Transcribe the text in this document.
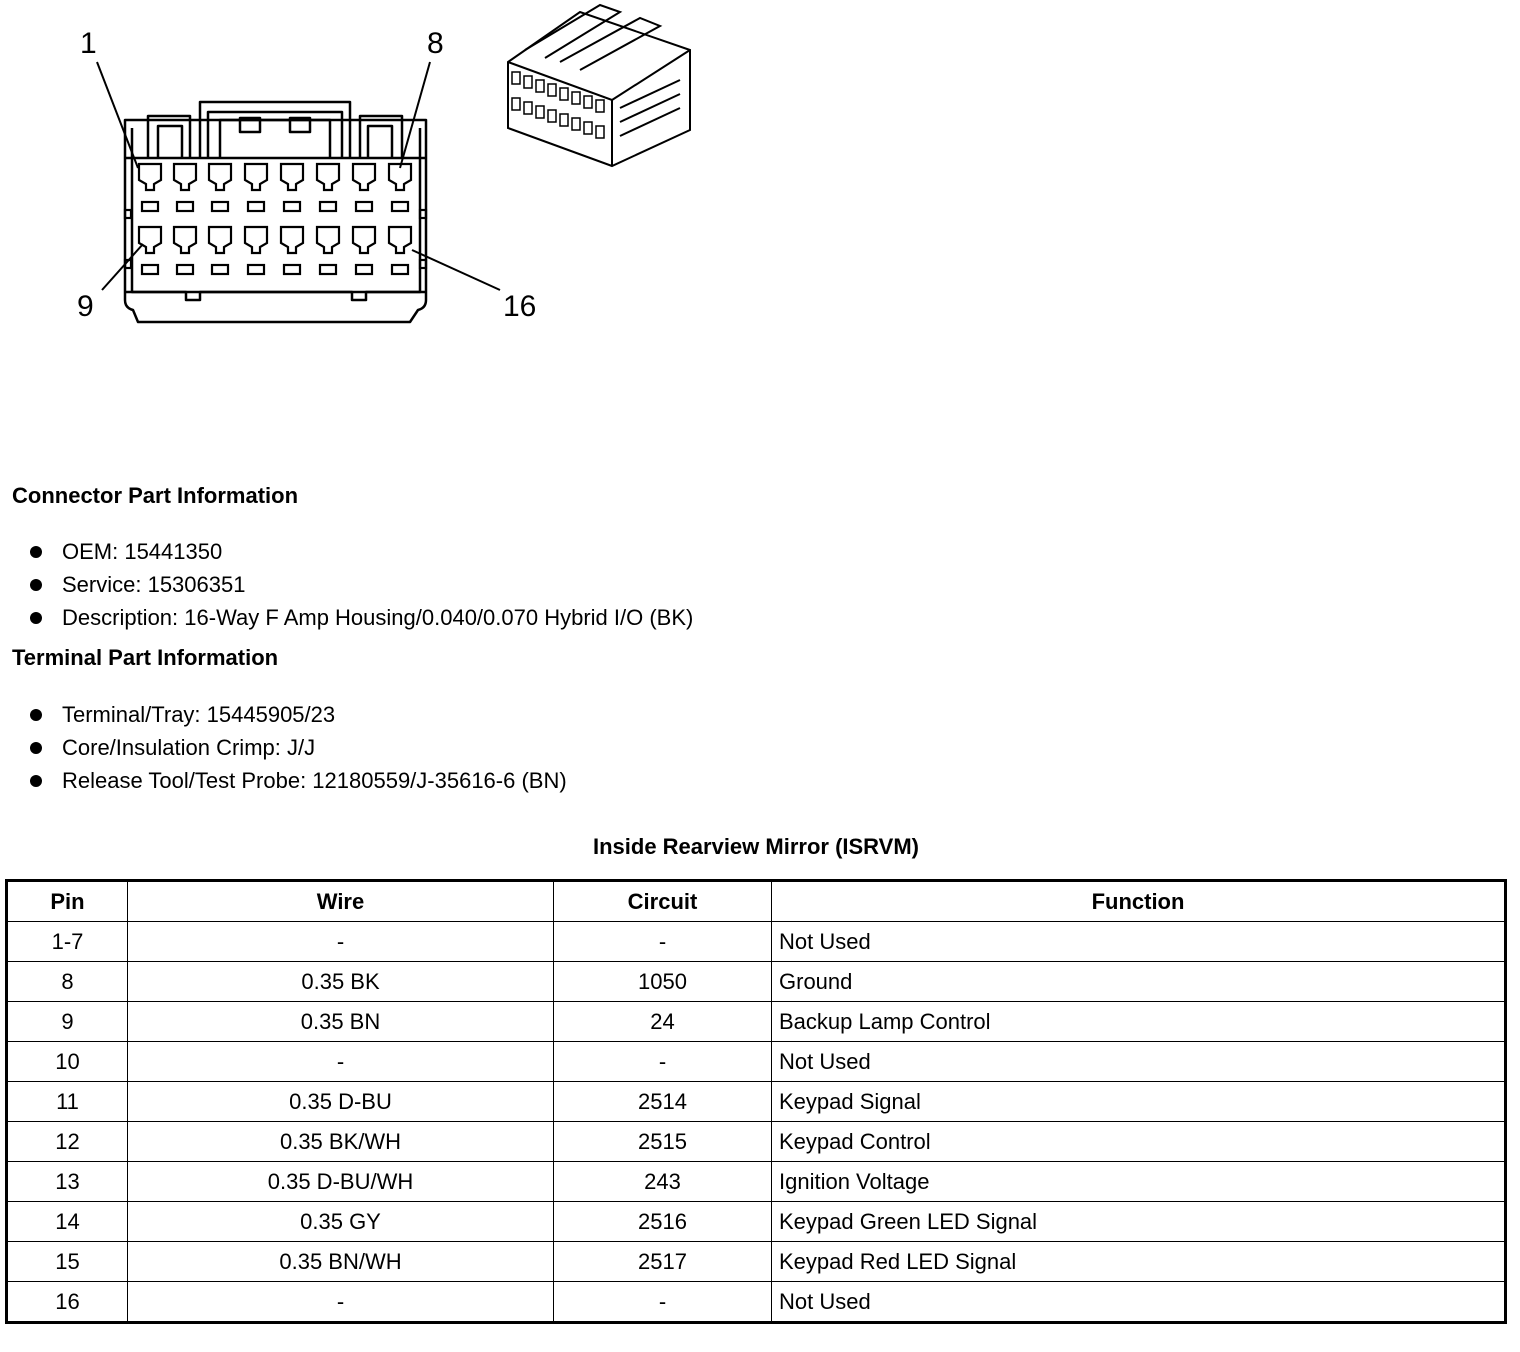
1	8
9	16
Connector Part Information
OEM: 15441350
Service: 15306351
Description: 16-Way F Amp Housing/0.040/0.070 Hybrid I/O (BK)
Terminal Part Information
Terminal/Tray: 15445905/23
Core/Insulation Crimp: J/J
Release Tool/Test Probe: 12180559/J-35616-6 (BN)
Inside Rearview Mirror (ISRVM)
Pin	Wire	Circuit	Function
1-7	-	-	Not Used
8	0.35 BK	1050	Ground
9	0.35 BN	24	Backup Lamp Control
10	-	-	Not Used
11	0.35 D-BU	2514	Keypad Signal
12	0.35 BK/WH	2515	Keypad Control
13	0.35 D-BU/WH	243	Ignition Voltage
14	0.35 GY	2516	Keypad Green LED Signal
15	0.35 BN/WH	2517	Keypad Red LED Signal
16	-	-	Not Used
